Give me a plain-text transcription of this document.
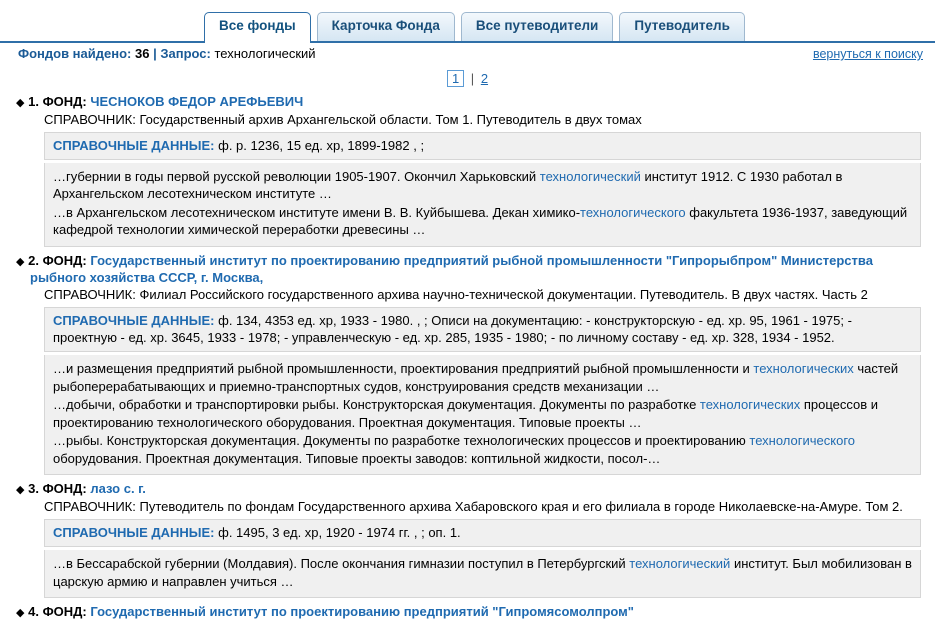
Все фонды	Карточка Фонда	Все путеводители	Путеводитель
Фондов найдено: 36 | Запрос: технологический	вернуться к поиску
1 | 2
◆ 1. ФОНД: ЧЕСНОКОВ ФЕДОР АРЕФЬЕВИЧ
СПРАВОЧНИК: Государственный архив Архангельской области. Том 1. Путеводитель в двух томах
СПРАВОЧНЫЕ ДАННЫЕ: ф. р. 1236, 15 ед. хр, 1899-1982 , ;

…губернии в годы первой русской революции 1905-1907. Окончил Харьковский технологический институт 1912. С 1930 работал в Архангельском лесотехническом институте …

…в Архангельском лесотехническом институте имени В. В. Куйбышева. Декан химико-технологического факультета 1936-1937, заведующий кафедрой технологии химической переработки древесины …

◆ 2. ФОНД: Государственный институт по проектированию предприятий рыбной промышленности "Гипрорыбпром" Министерства рыбного хозяйства СССР, г. Москва,
СПРАВОЧНИК: Филиал Российского государственного архива научно-технической документации. Путеводитель. В двух частях. Часть 2
СПРАВОЧНЫЕ ДАННЫЕ: ф. 134, 4353 ед. хр, 1933 - 1980. , ; Описи на документацию: - конструкторскую - ед. хр. 95, 1961 - 1975; - проектную - ед. хр. 3645, 1933 - 1978; - управленческую - ед. хр. 285, 1935 - 1980; - по личному составу - ед. хр. 328, 1934 - 1952.

…и размещения предприятий рыбной промышленности, проектирования предприятий рыбной промышленности и технологических частей рыбоперерабатывающих и приемно-транспортных судов, конструирования средств механизации …

…добычи, обработки и транспортировки рыбы. Конструкторская документация. Документы по разработке технологических процессов и проектированию технологического оборудования. Проектная документация. Типовые проекты …

…рыбы. Конструкторская документация. Документы по разработке технологических процессов и проектированию технологического оборудования. Проектная документация. Типовые проекты заводов: коптильной жидкости, посол-…

◆ 3. ФОНД: лазо с. г.
СПРАВОЧНИК: Путеводитель по фондам Государственного архива Хабаровского края и его филиала в городе Николаевске-на-Амуре. Том 2.
СПРАВОЧНЫЕ ДАННЫЕ: ф. 1495, 3 ед. хр, 1920 - 1974 гг. , ; оп. 1.

…в Бессарабской губернии (Молдавия). После окончания гимназии поступил в Петербургский технологический институт. Был мобилизован в царскую армию и направлен учиться …

◆ 4. ФОНД: Государственный институт по проектированию предприятий "Гипромясомолпром"
